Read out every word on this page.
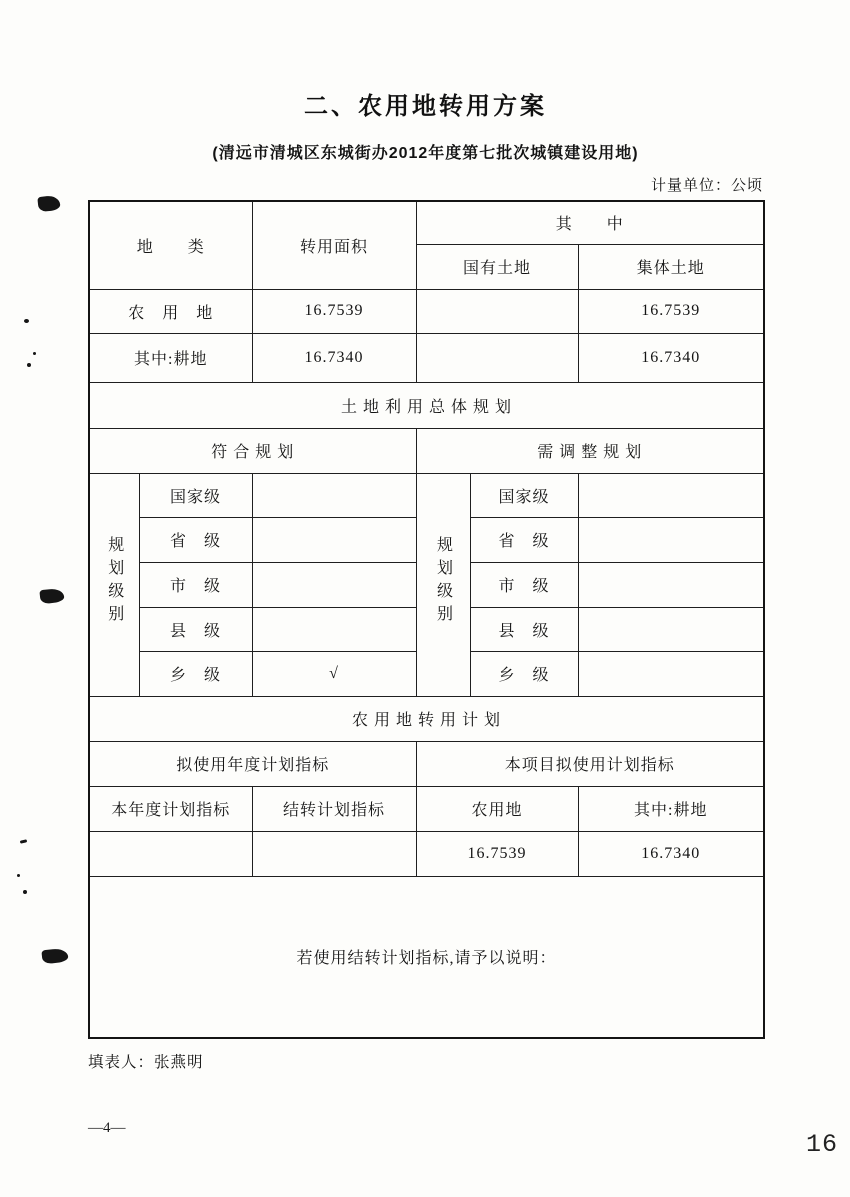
二、农用地转用方案
(清远市清城区东城街办2012年度第七批次城镇建设用地)
计量单位：公顷
地　　类		转用面积	其　　中		
			国有土地		集体土地
农　用　地		16.7539			16.7539
其中:耕地		16.7340			16.7340
土 地 利 用 总 体 规 划					
符 合 规 划			需 调 整 规 划		
规划级别	国家级		规划级别	国家级	
	省　级			省　级	
	市　级			市　级	
	县　级			县　级	
	乡　级	√		乡　级	
农 用 地 转 用 计 划					
拟使用年度计划指标			本项目拟使用计划指标		
本年度计划指标		结转计划指标	农用地		其中:耕地
			16.7539		16.7340
若使用结转计划指标,请予以说明：					
填表人：张燕明
—4—
16
